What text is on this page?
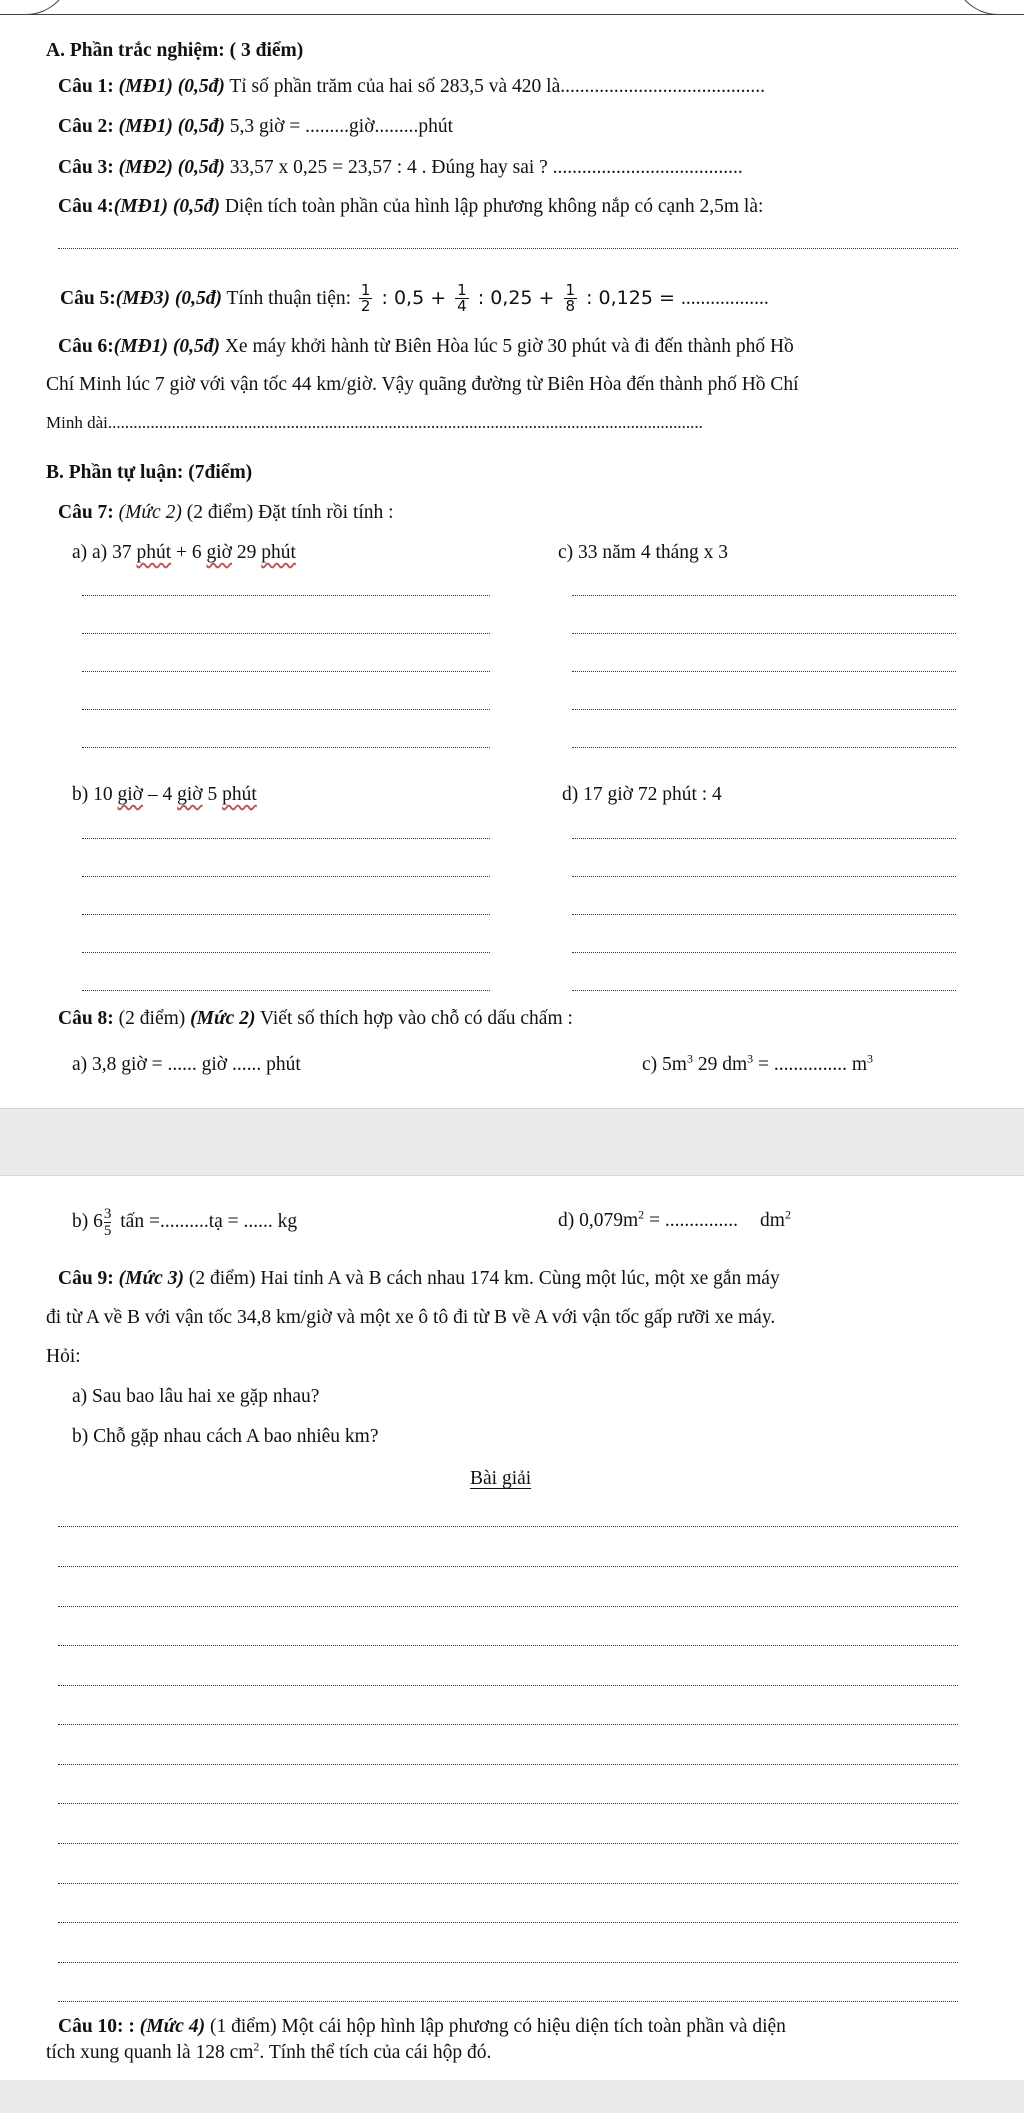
A. Phần trắc nghiệm: ( 3 điểm)
Câu 1: (MĐ1) (0,5đ) Tỉ số phần trăm của hai số 283,5 và 420 là..........................................
Câu 2: (MĐ1) (0,5đ) 5,3 giờ = .........giờ.........phút
Câu 3: (MĐ2) (0,5đ) 33,57 x 0,25 = 23,57 : 4 . Đúng hay sai ? .......................................
Câu 4:(MĐ1) (0,5đ) Diện tích toàn phần của hình lập phương không nắp có cạnh 2,5m là:
Câu 5:(MĐ3) (0,5đ) Tính thuận tiện: $\frac{1}{2}$ : $0,5 + \frac{1}{4}$ : $0,25 + \frac{1}{8}$ : 0,125 = ..................
Câu 6:(MĐ1) (0,5đ) Xe máy khởi hành từ Biên Hòa lúc 5 giờ 30 phút và đi đến thành phố Hồ
Chí Minh lúc 7 giờ với vận tốc 44 km/giờ. Vậy quãng đường từ Biên Hòa đến thành phố Hồ Chí
Minh dài............................................................................................................................................
B. Phần tự luận: (7điểm)
Câu 7: (Mức 2) (2 điểm) Đặt tính rồi tính :
a) a) 37 phút + 6 giờ 29 phút	c) 33 năm 4 tháng x 3
b) 10 giờ – 4 giờ 5 phút	d) 17 giờ 72 phút : 4
Câu 8: (2 điểm) (Mức 2) Viết số thích hợp vào chỗ có dấu chấm :
a) 3,8 giờ = ...... giờ ...... phút	c) $5m^3$ 29 $dm^3$ = ............... $m^3$
b) $6 \frac{3}{5}$ tấn =..........tạ = ...... kg	d) $0,079m^2$ = ............... $dm^2$
Câu 9: (Mức 3) (2 điểm) Hai tỉnh A và B cách nhau 174 km. Cùng một lúc, một xe gắn máy
đi từ A về B với vận tốc 34,8 km/giờ và một xe ô tô đi từ B về A với vận tốc gấp rưỡi xe máy.
Hỏi:
a) Sau bao lâu hai xe gặp nhau?
b) Chỗ gặp nhau cách A bao nhiêu km?
Bài giải
Câu 10: : (Mức 4) (1 điểm) Một cái hộp hình lập phương có hiệu diện tích toàn phần và diện
tích xung quanh là 128 $cm^2$. Tính thể tích của cái hộp đó.
